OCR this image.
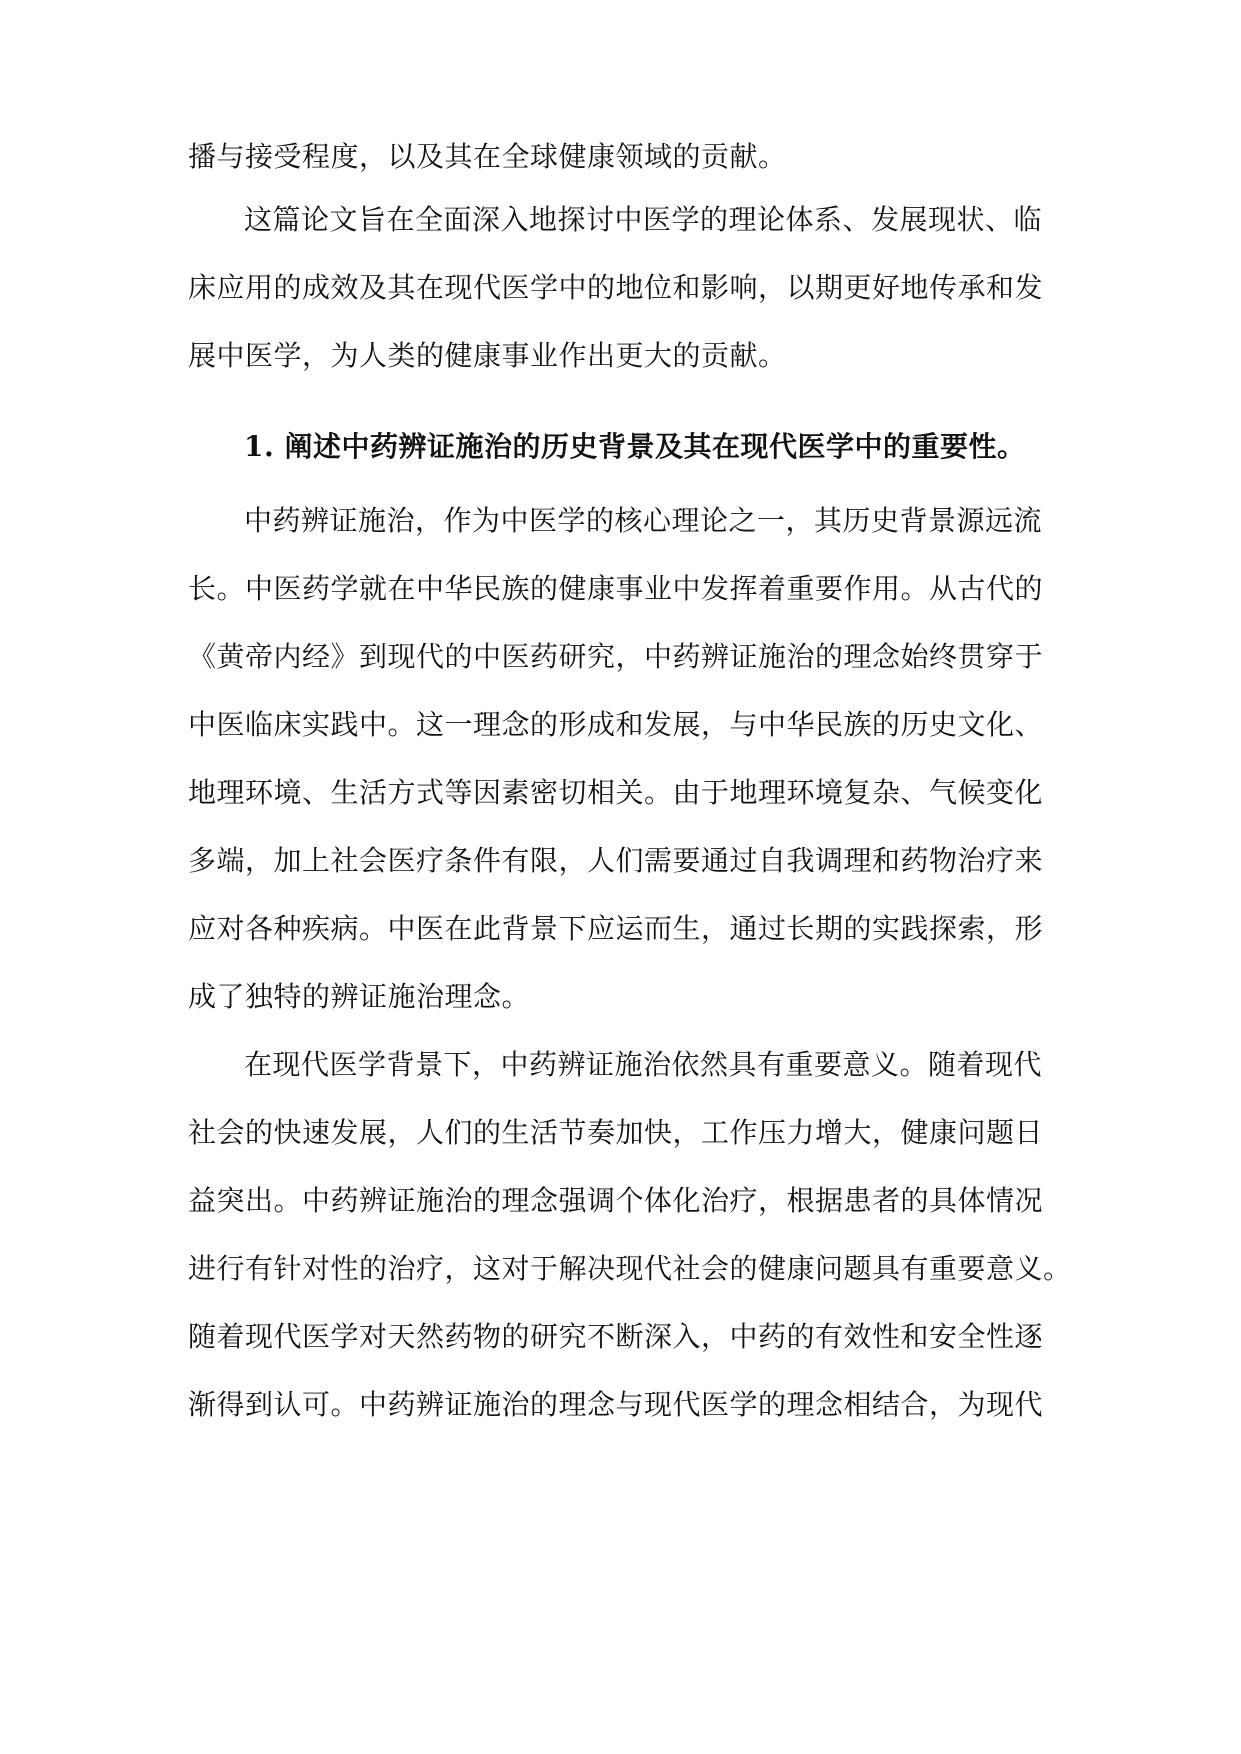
播与接受程度，以及其在全球健康领域的贡献。
这篇论文旨在全面深入地探讨中医学的理论体系、发展现状、临
床应用的成效及其在现代医学中的地位和影响，以期更好地传承和发
展中医学，为人类的健康事业作出更大的贡献。
1. 阐述中药辨证施治的历史背景及其在现代医学中的重要性。
中药辨证施治，作为中医学的核心理论之一，其历史背景源远流
长。中医药学就在中华民族的健康事业中发挥着重要作用。从古代的
《黄帝内经》到现代的中医药研究，中药辨证施治的理念始终贯穿于
中医临床实践中。这一理念的形成和发展，与中华民族的历史文化、
地理环境、生活方式等因素密切相关。由于地理环境复杂、气候变化
多端，加上社会医疗条件有限，人们需要通过自我调理和药物治疗来
应对各种疾病。中医在此背景下应运而生，通过长期的实践探索，形
成了独特的辨证施治理念。
在现代医学背景下，中药辨证施治依然具有重要意义。随着现代
社会的快速发展，人们的生活节奏加快，工作压力增大，健康问题日
益突出。中药辨证施治的理念强调个体化治疗，根据患者的具体情况
进行有针对性的治疗，这对于解决现代社会的健康问题具有重要意义。
随着现代医学对天然药物的研究不断深入，中药的有效性和安全性逐
渐得到认可。中药辨证施治的理念与现代医学的理念相结合，为现代
